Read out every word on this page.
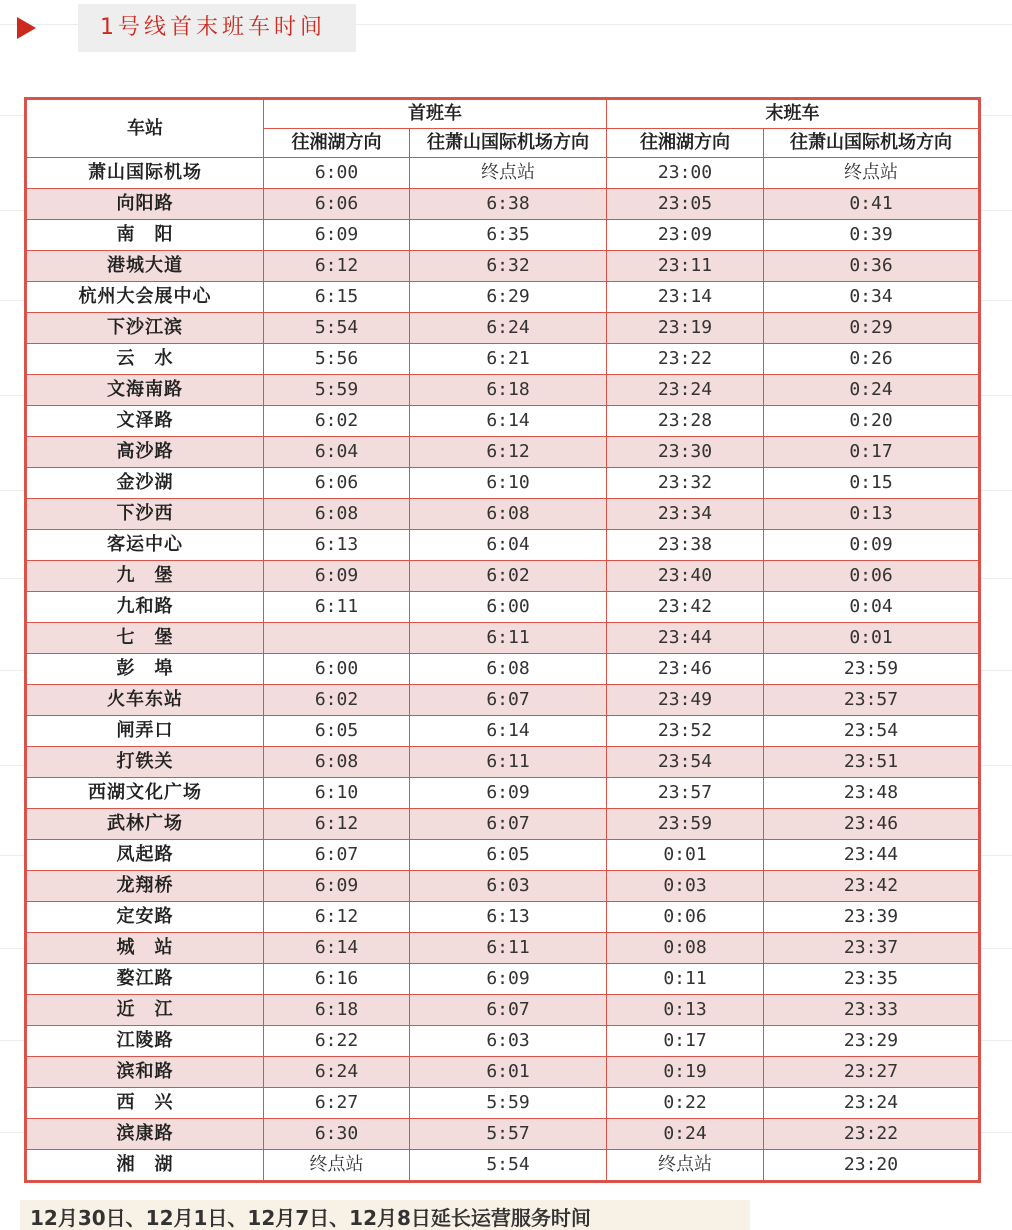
1号线首末班车时间
车站	首班车		末班车	
	往湘湖方向	往萧山国际机场方向	往湘湖方向	往萧山国际机场方向
萧山国际机场	6:00	终点站	23:00	终点站
向阳路	6:06	6:38	23:05	0:41
南　阳	6:09	6:35	23:09	0:39
港城大道	6:12	6:32	23:11	0:36
杭州大会展中心	6:15	6:29	23:14	0:34
下沙江滨	5:54	6:24	23:19	0:29
云　水	5:56	6:21	23:22	0:26
文海南路	5:59	6:18	23:24	0:24
文泽路	6:02	6:14	23:28	0:20
高沙路	6:04	6:12	23:30	0:17
金沙湖	6:06	6:10	23:32	0:15
下沙西	6:08	6:08	23:34	0:13
客运中心	6:13	6:04	23:38	0:09
九　堡	6:09	6:02	23:40	0:06
九和路	6:11	6:00	23:42	0:04
七　堡		6:11	23:44	0:01
彭　埠	6:00	6:08	23:46	23:59
火车东站	6:02	6:07	23:49	23:57
闸弄口	6:05	6:14	23:52	23:54
打铁关	6:08	6:11	23:54	23:51
西湖文化广场	6:10	6:09	23:57	23:48
武林广场	6:12	6:07	23:59	23:46
凤起路	6:07	6:05	0:01	23:44
龙翔桥	6:09	6:03	0:03	23:42
定安路	6:12	6:13	0:06	23:39
城　站	6:14	6:11	0:08	23:37
婺江路	6:16	6:09	0:11	23:35
近　江	6:18	6:07	0:13	23:33
江陵路	6:22	6:03	0:17	23:29
滨和路	6:24	6:01	0:19	23:27
西　兴	6:27	5:59	0:22	23:24
滨康路	6:30	5:57	0:24	23:22
湘　湖	终点站	5:54	终点站	23:20
12月30日、12月1日、12月7日、12月8日延长运营服务时间
